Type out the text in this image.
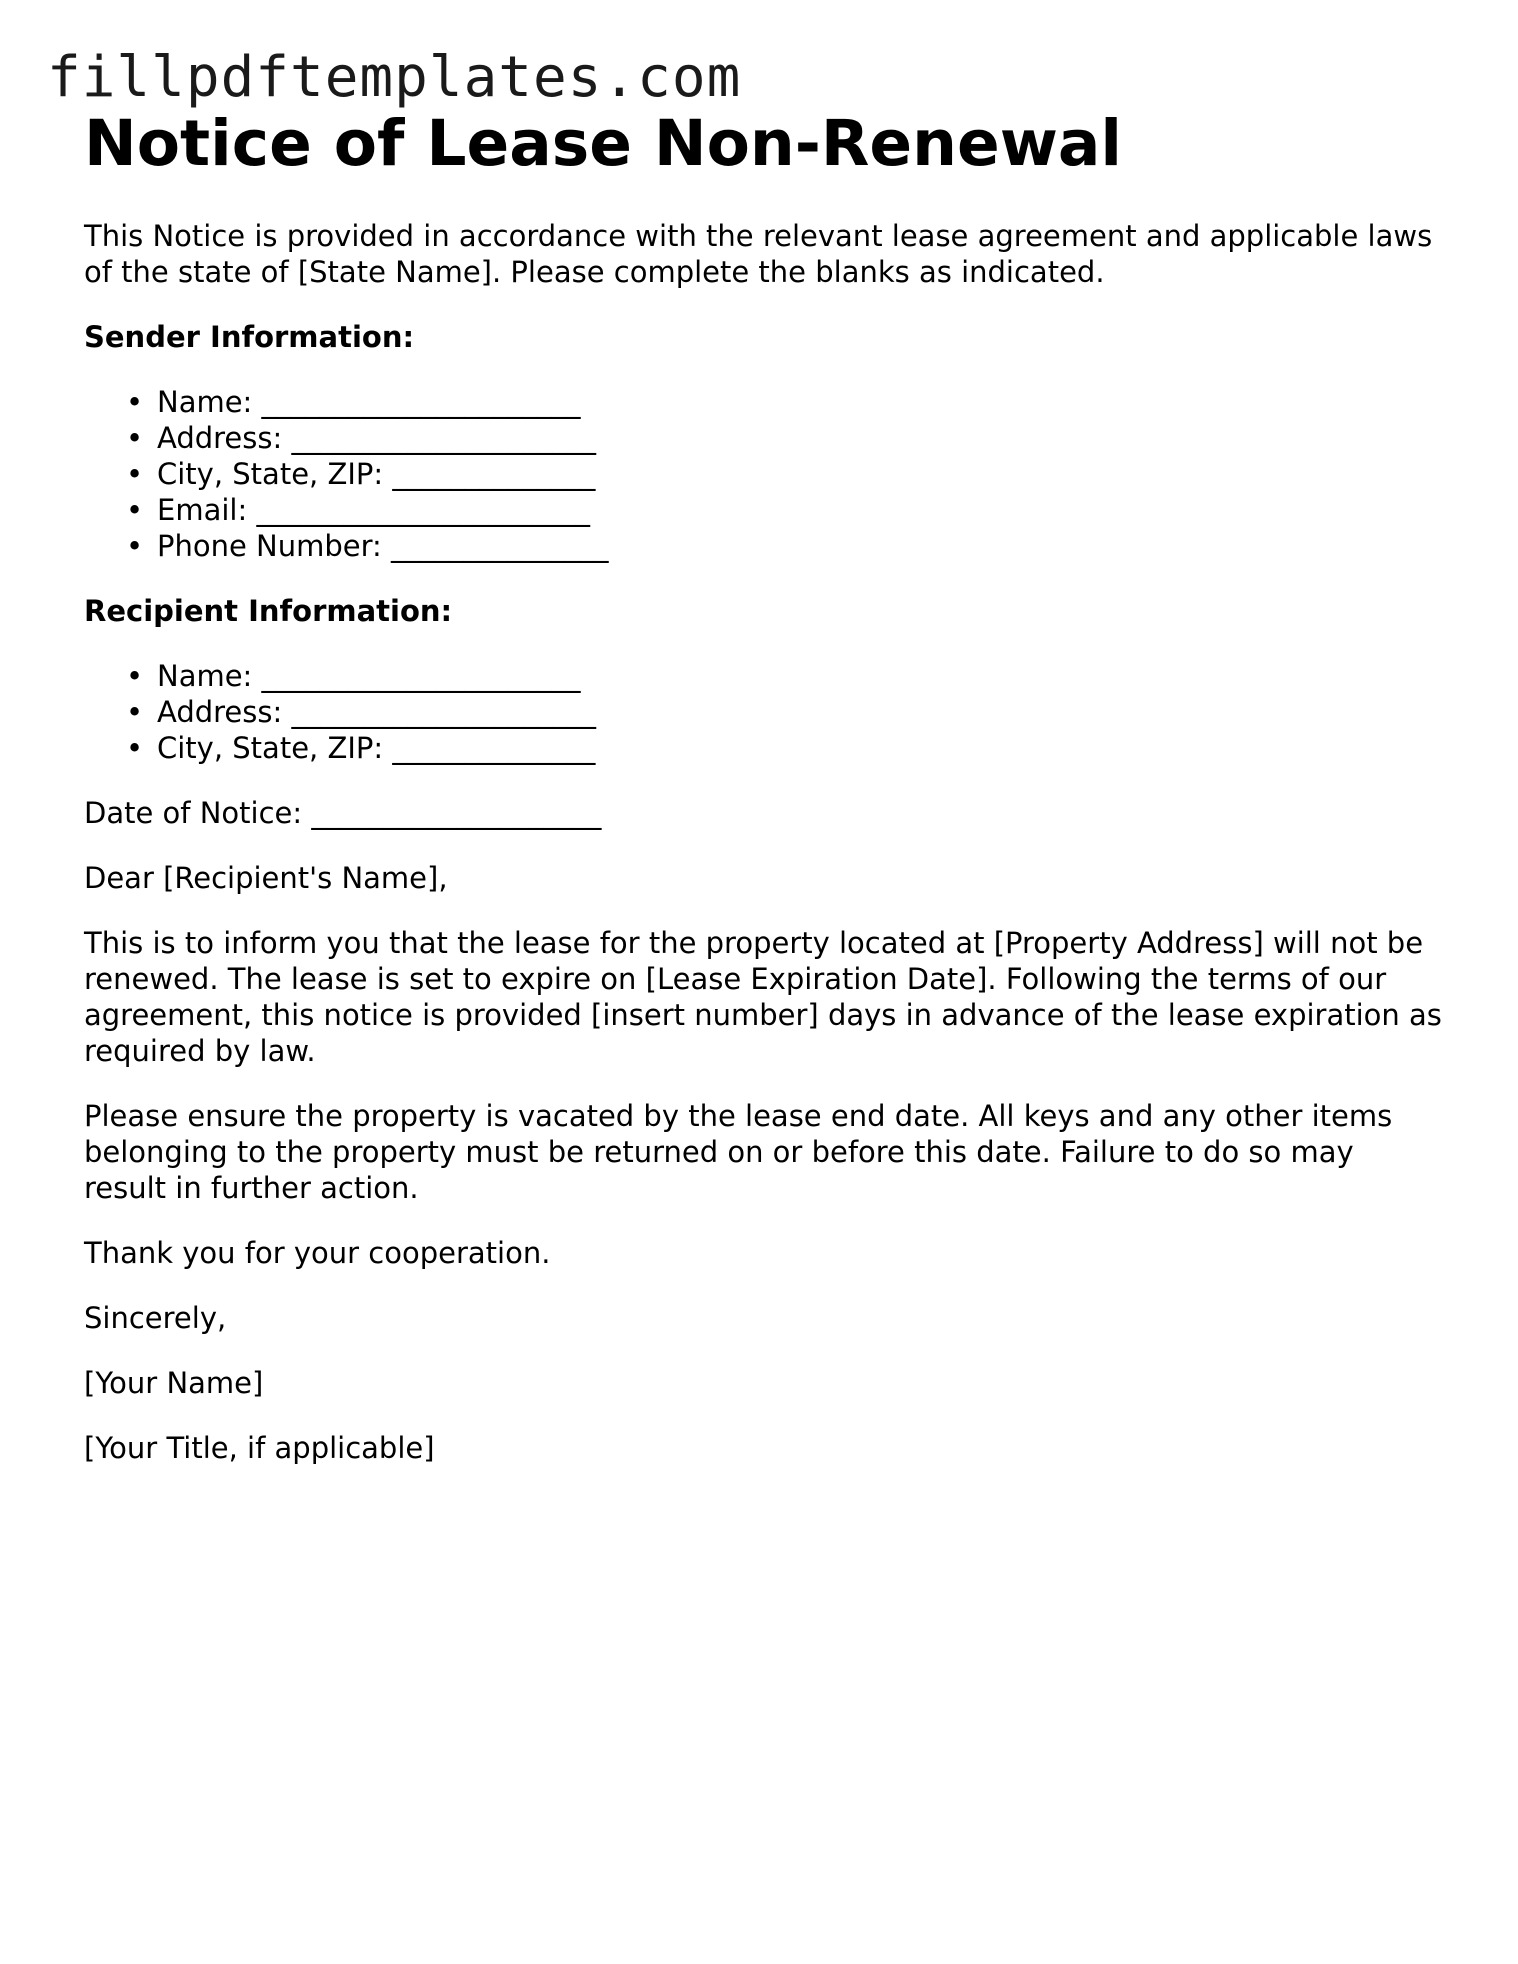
fillpdftemplates.com
Notice of Lease Non-Renewal

This Notice is provided in accordance with the relevant lease agreement and applicable laws of the state of [State Name]. Please complete the blanks as indicated.

Sender Information:
• Name: ______________________
• Address: _____________________
• City, State, ZIP: ______________
• Email: _______________________
• Phone Number: _______________
Recipient Information:
• Name: ______________________
• Address: _____________________
• City, State, ZIP: ______________

Date of Notice: ____________________

Dear [Recipient's Name],

This is to inform you that the lease for the property located at [Property Address] will not be renewed. The lease is set to expire on [Lease Expiration Date]. Following the terms of our agreement, this notice is provided [insert number] days in advance of the lease expiration as required by law.

Please ensure the property is vacated by the lease end date. All keys and any other items belonging to the property must be returned on or before this date. Failure to do so may result in further action.

Thank you for your cooperation.

Sincerely,

[Your Name]

[Your Title, if applicable]
